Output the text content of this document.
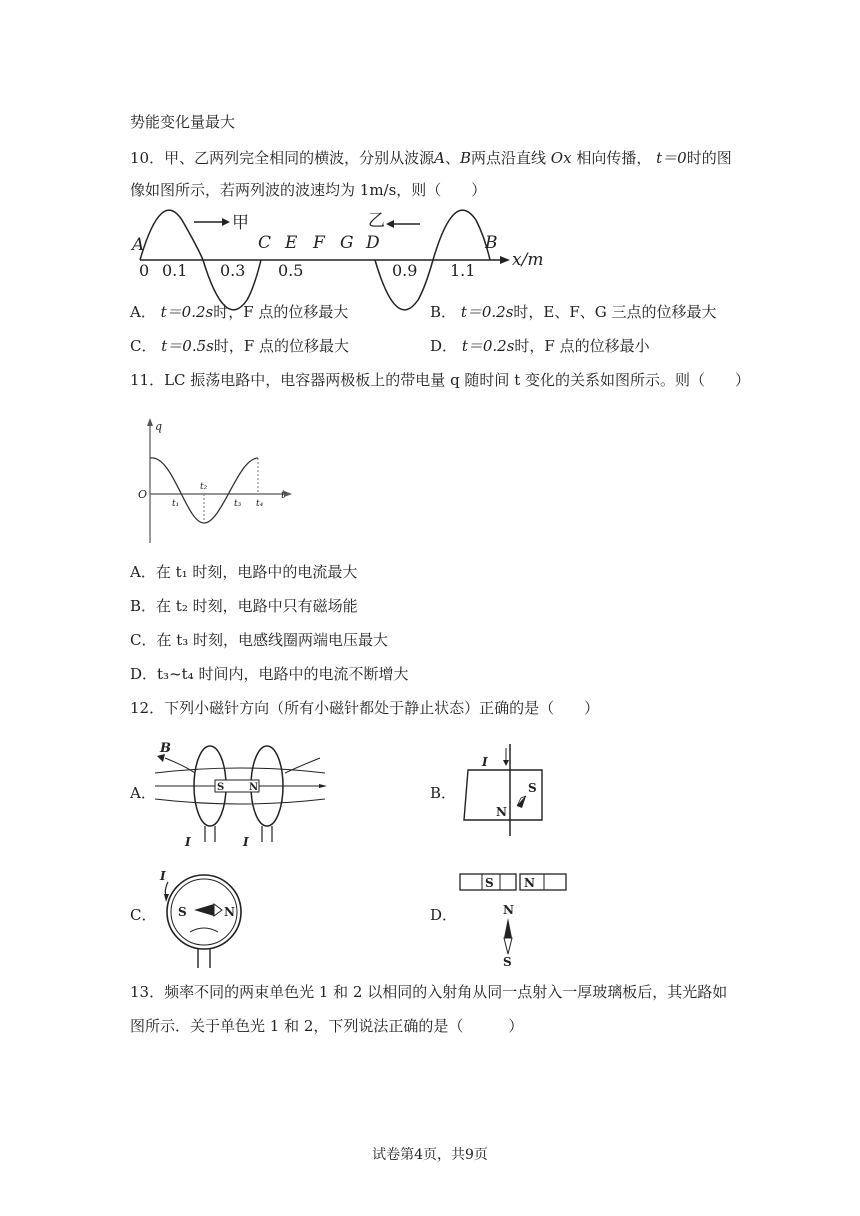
势能变化量最大
10．甲、乙两列完全相同的横波，分别从波源A、B两点沿直线 Ox 相向传播， t＝0时的图
像如图所示，若两列波的波速均为 1m/s，则（　　）
甲	乙
A	C E F G D	B
0 0.1 0.3 0.5	0.9 1.1
x/m
A． t＝0.2s时，F 点的位移最大	B． t＝0.2s时，E、F、G 三点的位移最大
C． t＝0.5s时，F 点的位移最大	D． t＝0.2s时，F 点的位移最小
11．LC 振荡电路中，电容器两极板上的带电量 q 随时间 t 变化的关系如图所示。则（　　）
q
O
t₁
t₂
t₃ t₄
t
A．在 t₁ 时刻，电路中的电流最大
B．在 t₂ 时刻，电路中只有磁场能
C．在 t₃ 时刻，电感线圈两端电压最大
D．t₃~t₄ 时间内，电路中的电流不断增大
12．下列小磁针方向（所有小磁针都处于静止状态）正确的是（　　）
A．
B
S N
I	I
B．
I
N
S
C．
I
S	N	D．
S	N
N
S
13．频率不同的两束单色光 1 和 2 以相同的入射角从同一点射入一厚玻璃板后，其光路如
图所示．关于单色光 1 和 2，下列说法正确的是（　　　）
试卷第4页，共9页
